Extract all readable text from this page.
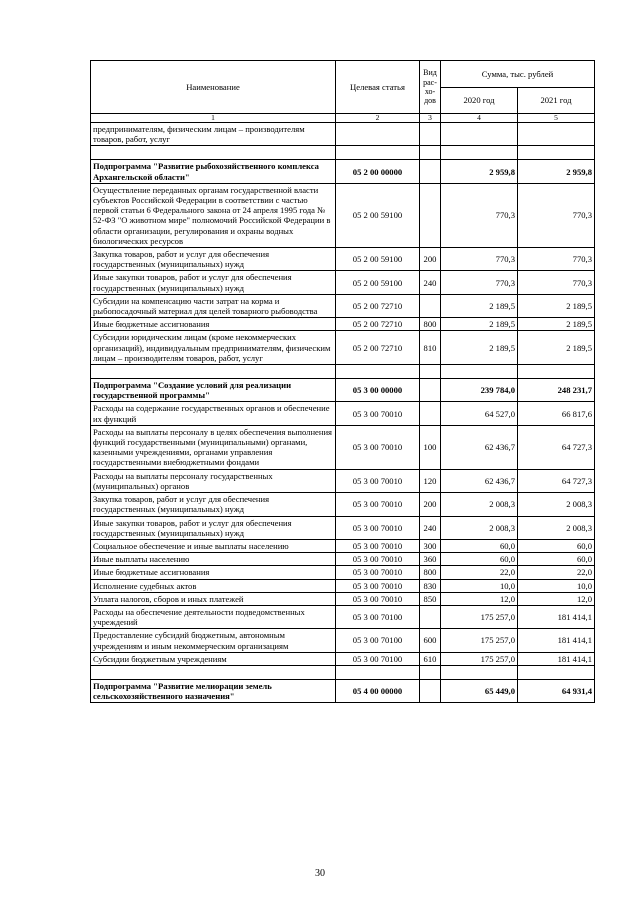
Наименование	Целевая статья	Вид рас-хо-дов	Сумма, тыс. рублей	
			2020 год	2021 год
1	2	3	4	5
предпринимателям, физическим лицам – производителям товаров, работ, услуг				

Подпрограмма "Развитие рыбохозяйственного комплекса Архангельской области"	05 2 00 00000		2 959,8	2 959,8
Осуществление переданных органам государственной власти субъектов Российской Федерации в соответствии с частью первой статьи 6 Федерального закона от 24 апреля 1995 года № 52-ФЗ "О животном мире" полномочий Российской Федерации в области организации, регулирования и охраны водных биологических ресурсов	05 2 00 59100		770,3	770,3
Закупка товаров, работ и услуг для обеспечения государственных (муниципальных) нужд	05 2 00 59100	200	770,3	770,3
Иные закупки товаров, работ и услуг для обеспечения государственных (муниципальных) нужд	05 2 00 59100	240	770,3	770,3
Субсидии на компенсацию части затрат на корма и рыбопосадочный материал для целей товарного рыбоводства	05 2 00 72710		2 189,5	2 189,5
Иные бюджетные ассигнования	05 2 00 72710	800	2 189,5	2 189,5
Субсидии юридическим лицам (кроме некоммерческих организаций), индивидуальным предпринимателям, физическим лицам – производителям товаров, работ, услуг	05 2 00 72710	810	2 189,5	2 189,5

Подпрограмма "Создание условий для реализации государственной программы"	05 3 00 00000		239 784,0	248 231,7
Расходы на содержание государственных органов и обеспечение их функций	05 3 00 70010		64 527,0	66 817,6
Расходы на выплаты персоналу в целях обеспечения выполнения функций государственными (муниципальными) органами, казенными учреждениями, органами управления государственными внебюджетными фондами	05 3 00 70010	100	62 436,7	64 727,3
Расходы на выплаты персоналу государственных (муниципальных) органов	05 3 00 70010	120	62 436,7	64 727,3
Закупка товаров, работ и услуг для обеспечения государственных (муниципальных) нужд	05 3 00 70010	200	2 008,3	2 008,3
Иные закупки товаров, работ и услуг для обеспечения государственных (муниципальных) нужд	05 3 00 70010	240	2 008,3	2 008,3
Социальное обеспечение и иные выплаты населению	05 3 00 70010	300	60,0	60,0
Иные выплаты населению	05 3 00 70010	360	60,0	60,0
Иные бюджетные ассигнования	05 3 00 70010	800	22,0	22,0
Исполнение судебных актов	05 3 00 70010	830	10,0	10,0
Уплата налогов, сборов и иных платежей	05 3 00 70010	850	12,0	12,0
Расходы на обеспечение деятельности подведомственных учреждений	05 3 00 70100		175 257,0	181 414,1
Предоставление субсидий бюджетным, автономным учреждениям и иным некоммерческим организациям	05 3 00 70100	600	175 257,0	181 414,1
Субсидии бюджетным учреждениям	05 3 00 70100	610	175 257,0	181 414,1

Подпрограмма "Развитие мелиорации земель сельскохозяйственного назначения"	05 4 00 00000		65 449,0	64 931,4
30
